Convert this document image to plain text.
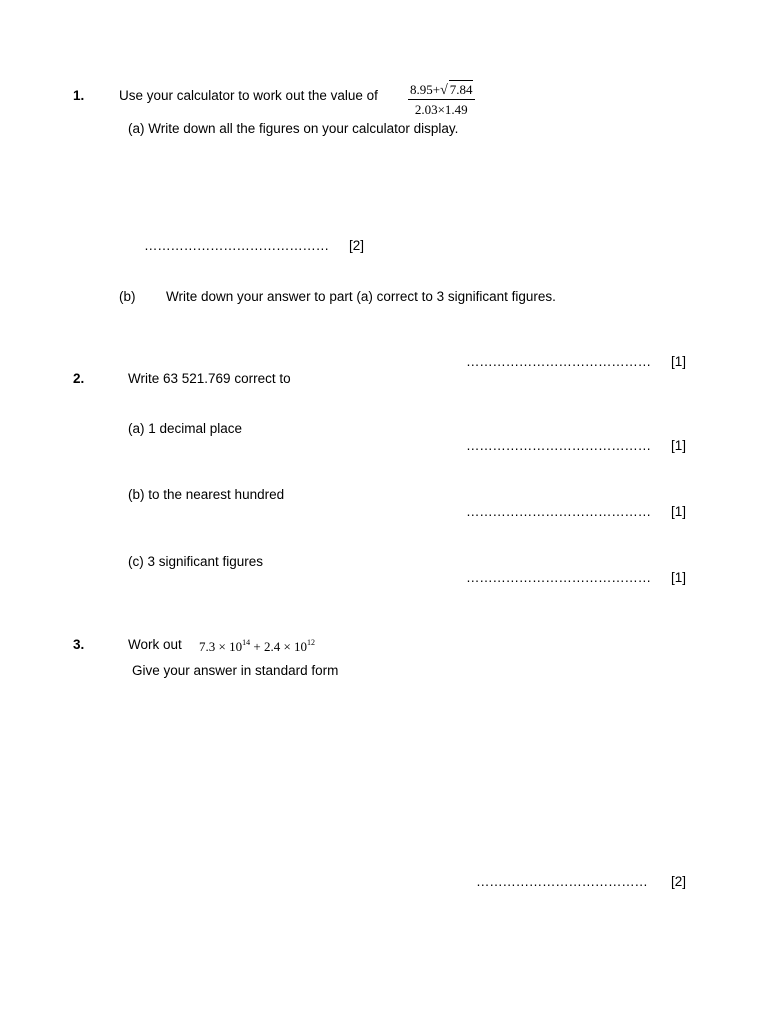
1.	Use your calculator to work out the value of $\frac{8.95+√ 7.84}{2.03\times 1.49}$
(a) Write down all the figures on your calculator display.
…………………………………… [2]
(b) Write down your answer to part (a) correct to 3 significant figures.
…………………………………… [1]
2.	Write 63 521.769 correct to
(a) 1 decimal place
…………………………………… [1]
(b) to the nearest hundred
…………………………………… [1]
(c) 3 significant figures
…………………………………… [1]
3.	Work out $7.3 \times 10^{14} + 2.4 \times 10^{12}$
Give your answer in standard form
………………………………… [2]
